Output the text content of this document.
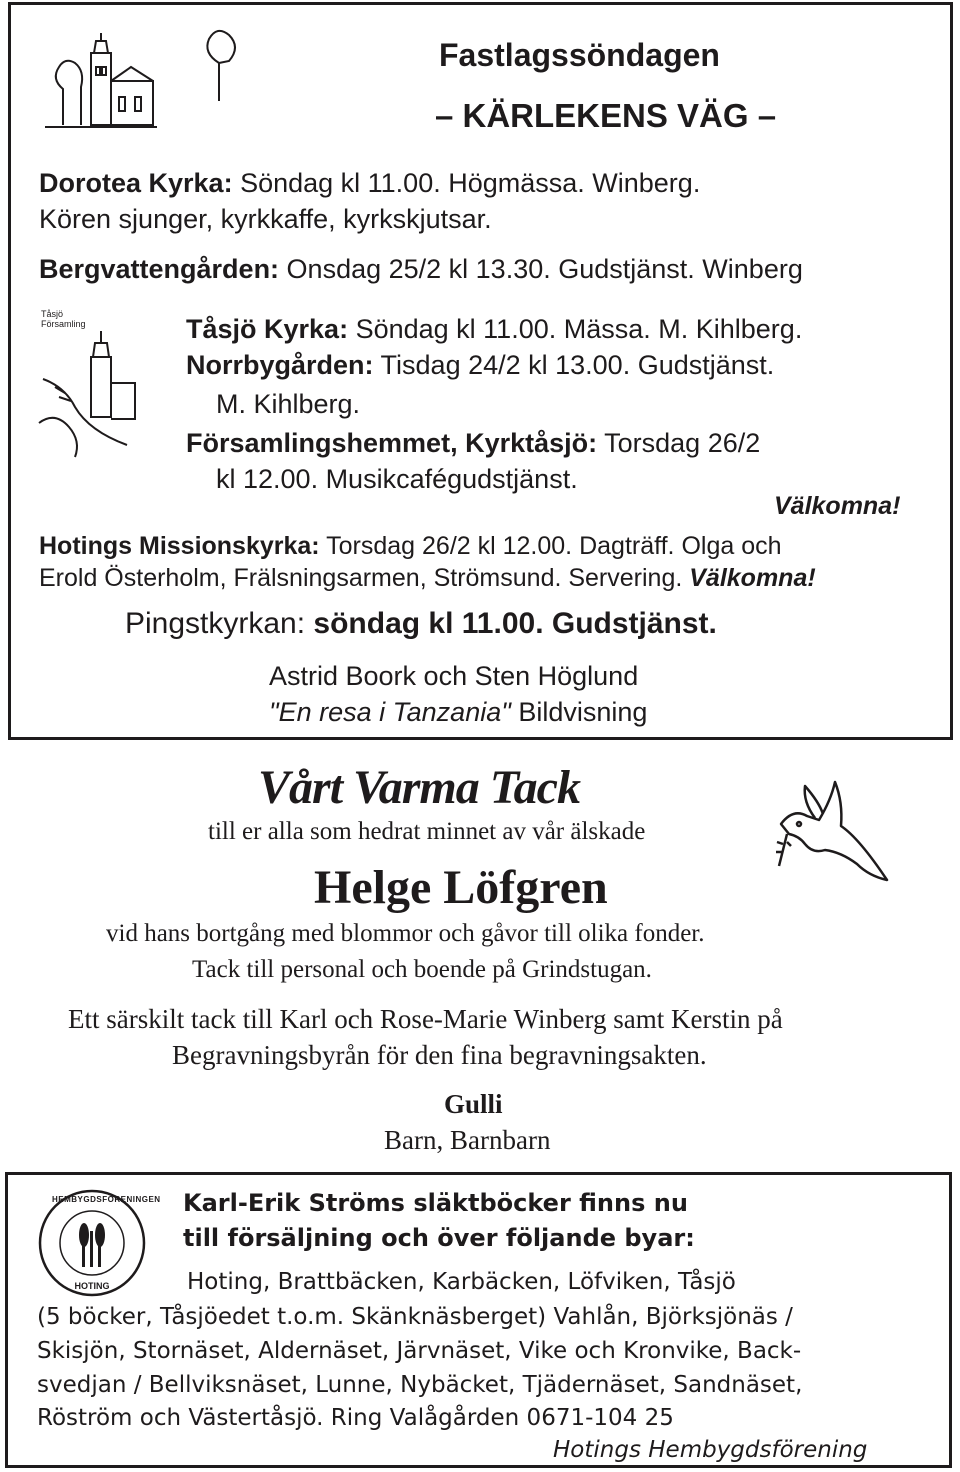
Fastlagssöndagen
– KÄRLEKENS VÄG –
Dorotea Kyrka: Söndag kl 11.00. Högmässa. Winberg.
Kören sjunger, kyrkkaffe, kyrkskjutsar.
Bergvattengården: Onsdag 25/2 kl 13.30. Gudstjänst. Winberg
Tåsjö Församling	Tåsjö Kyrka: Söndag kl 11.00. Mässa. M. Kihlberg.
Norrbygården: Tisdag 24/2 kl 13.00. Gudstjänst.
M. Kihlberg.
Församlingshemmet, Kyrktåsjö: Torsdag 26/2
kl 12.00. Musikcafégudstjänst.
Välkomna!
Hotings Missionskyrka: Torsdag 26/2 kl 12.00. Dagträff. Olga och
Erold Österholm, Frälsningsarmen, Strömsund. Servering. Välkomna!
Pingstkyrkan: söndag kl 11.00. Gudstjänst.
Astrid Boork och Sten Höglund
"En resa i Tanzania" Bildvisning
Vårt Varma Tack
till er alla som hedrat minnet av vår älskade
Helge Löfgren
vid hans bortgång med blommor och gåvor till olika fonder.
Tack till personal och boende på Grindstugan.
Ett särskilt tack till Karl och Rose-Marie Winberg samt Kerstin på
Begravningsbyrån för den fina begravningsakten.
Gulli
Barn, Barnbarn
HEMBYGDSFÖRENINGEN
HOTING
Karl-Erik Ströms släktböcker finns nu
till försäljning och över följande byar:
Hoting, Brattbäcken, Karbäcken, Löfviken, Tåsjö
(5 böcker, Tåsjöedet t.o.m. Skänknäsberget) Vahlån, Björksjönäs /
Skisjön, Stornäset, Aldernäset, Järvnäset, Vike och Kronvike, Back-
svedjan / Bellviksnäset, Lunne, Nybäcket, Tjädernäset, Sandnäset,
Röström och Västertåsjö. Ring Valågården 0671-104 25
Hotings Hembygdsförening
